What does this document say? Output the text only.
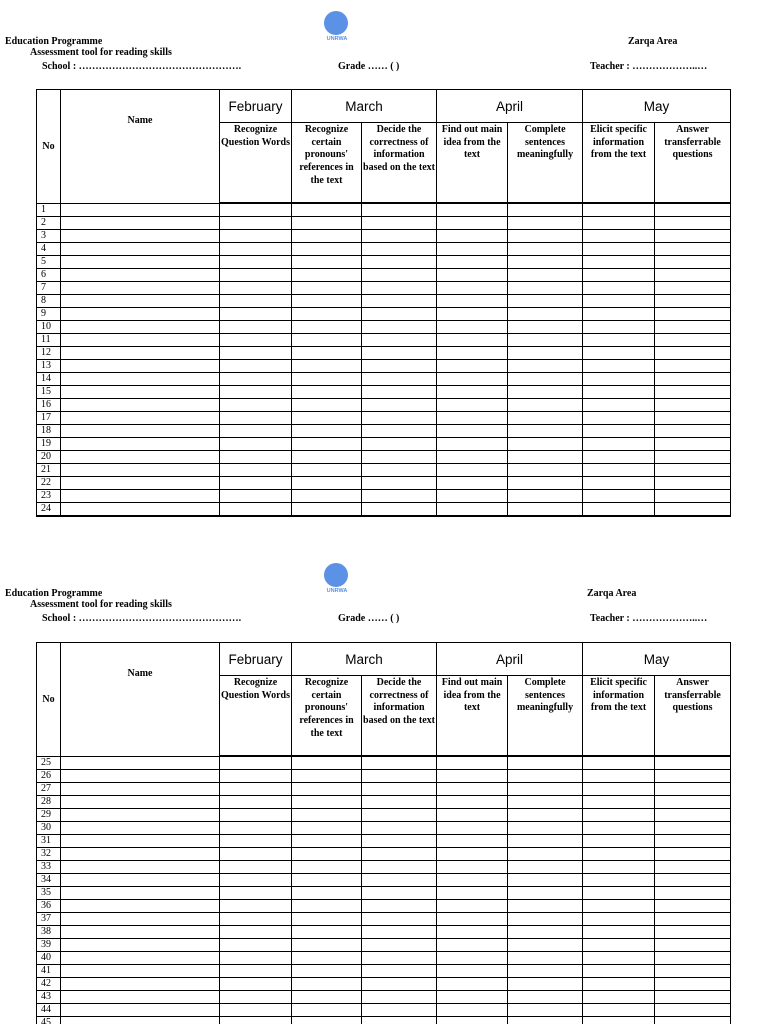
UNRWA
Education Programme
Assessment tool for reading skills
School : ………………………………………….	Grade …… ( )	Teacher : ………………..…
Zarqa Area
No	Name	February	March		April		May	
		Recognize Question Words	Recognize certain pronouns' references in the text	Decide the correctness of information based on the text	Find out main idea from the text	Complete sentences meaningfully	Elicit specific information from the text	Answer transferrable questions
1								
2								
3								
4								
5								
6								
7								
8								
9								
10								
11								
12								
13								
14								
15								
16								
17								
18								
19								
20								
21								
22								
23								
24								
UNRWA
Education Programme
Assessment tool for reading skills
School : ………………………………………….	Grade …… ( )	Teacher : ………………..…
Zarqa Area
No	Name	February	March		April		May	
		Recognize Question Words	Recognize certain pronouns' references in the text	Decide the correctness of information based on the text	Find out main idea from the text	Complete sentences meaningfully	Elicit specific information from the text	Answer transferrable questions
25								
26								
27								
28								
29								
30								
31								
32								
33								
34								
35								
36								
37								
38								
39								
40								
41								
42								
43								
44								
45								
